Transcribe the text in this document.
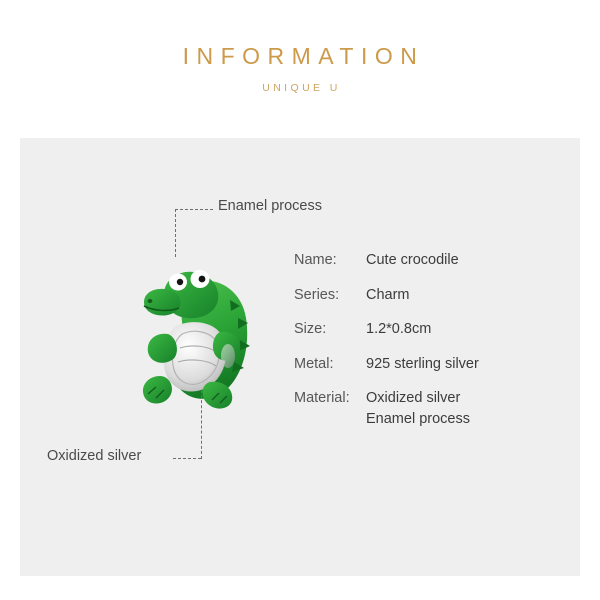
INFORMATION
UNIQUE U
Enamel process
Oxidized silver
Name:	Cute crocodile
Series:	Charm
Size:	1.2*0.8cm
Metal:	925 sterling silver
Material:	Oxidized silver
Enamel process
